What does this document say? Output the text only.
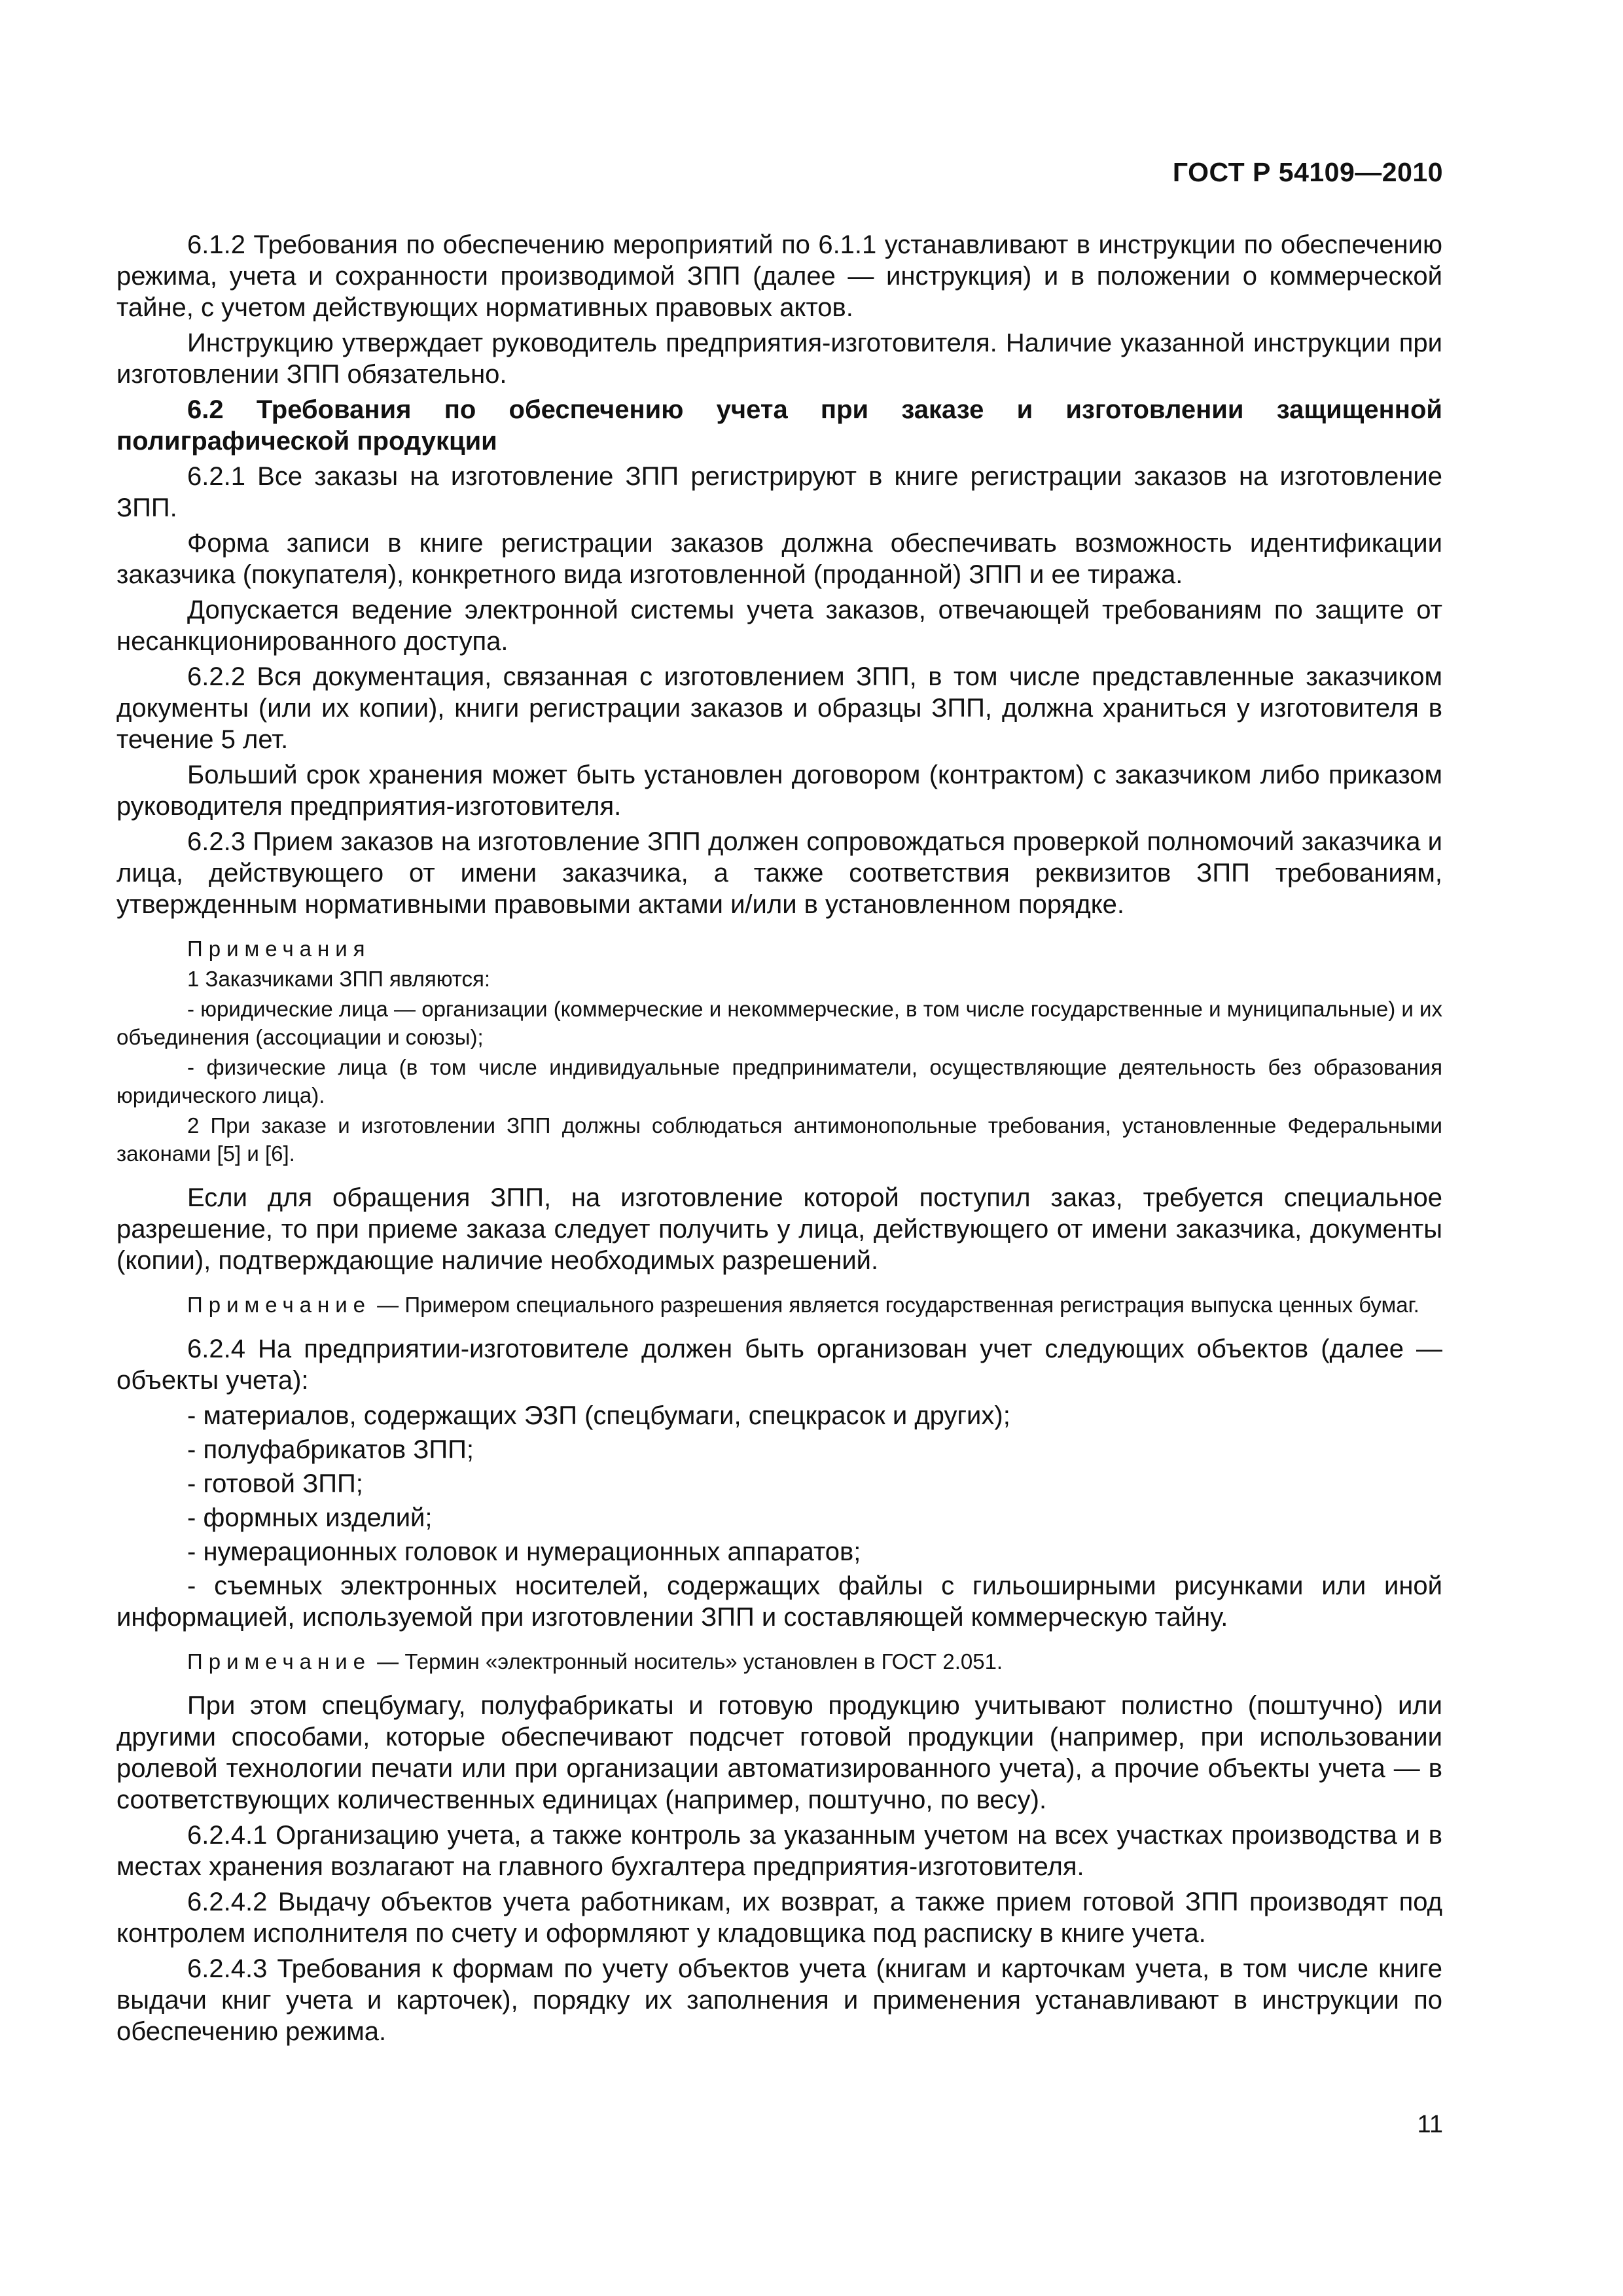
ГОСТ Р 54109—2010

6.1.2 Требования по обеспечению мероприятий по 6.1.1 устанавливают в инструкции по обеспечению режима, учета и сохранности производимой ЗПП (далее — инструкция) и в положении о коммерческой тайне, с учетом действующих нормативных правовых актов.

Инструкцию утверждает руководитель предприятия-изготовителя. Наличие указанной инструкции при изготовлении ЗПП обязательно.

6.2 Требования по обеспечению учета при заказе и изготовлении защищенной полиграфической продукции

6.2.1 Все заказы на изготовление ЗПП регистрируют в книге регистрации заказов на изготовление ЗПП.

Форма записи в книге регистрации заказов должна обеспечивать возможность идентификации заказчика (покупателя), конкретного вида изготовленной (проданной) ЗПП и ее тиража.

Допускается ведение электронной системы учета заказов, отвечающей требованиям по защите от несанкционированного доступа.

6.2.2 Вся документация, связанная с изготовлением ЗПП, в том числе представленные заказчиком документы (или их копии), книги регистрации заказов и образцы ЗПП, должна храниться у изготовителя в течение 5 лет.

Больший срок хранения может быть установлен договором (контрактом) с заказчиком либо приказом руководителя предприятия-изготовителя.

6.2.3 Прием заказов на изготовление ЗПП должен сопровождаться проверкой полномочий заказчика и лица, действующего от имени заказчика, а также соответствия реквизитов ЗПП требованиям, утвержденным нормативными правовыми актами и/или в установленном порядке.

Примечания

1 Заказчиками ЗПП являются:

- юридические лица — организации (коммерческие и некоммерческие, в том числе государственные и муниципальные) и их объединения (ассоциации и союзы);

- физические лица (в том числе индивидуальные предприниматели, осуществляющие деятельность без образования юридического лица).

2 При заказе и изготовлении ЗПП должны соблюдаться антимонопольные требования, установленные Федеральными законами [5] и [6].

Если для обращения ЗПП, на изготовление которой поступил заказ, требуется специальное разрешение, то при приеме заказа следует получить у лица, действующего от имени заказчика, документы (копии), подтверждающие наличие необходимых разрешений.

Примечание — Примером специального разрешения является государственная регистрация выпуска ценных бумаг.

6.2.4 На предприятии-изготовителе должен быть организован учет следующих объектов (далее — объекты учета):

- материалов, содержащих ЭЗП (спецбумаги, спецкрасок и других);
- полуфабрикатов ЗПП;
- готовой ЗПП;
- формных изделий;
- нумерационных головок и нумерационных аппаратов;
- съемных электронных носителей, содержащих файлы с гильоширными рисунками или иной информацией, используемой при изготовлении ЗПП и составляющей коммерческую тайну.

Примечание — Термин «электронный носитель» установлен в ГОСТ 2.051.

При этом спецбумагу, полуфабрикаты и готовую продукцию учитывают полистно (поштучно) или другими способами, которые обеспечивают подсчет готовой продукции (например, при использовании ролевой технологии печати или при организации автоматизированного учета), а прочие объекты учета — в соответствующих количественных единицах (например, поштучно, по весу).

6.2.4.1 Организацию учета, а также контроль за указанным учетом на всех участках производства и в местах хранения возлагают на главного бухгалтера предприятия-изготовителя.

6.2.4.2 Выдачу объектов учета работникам, их возврат, а также прием готовой ЗПП производят под контролем исполнителя по счету и оформляют у кладовщика под расписку в книге учета.

6.2.4.3 Требования к формам по учету объектов учета (книгам и карточкам учета, в том числе книге выдачи книг учета и карточек), порядку их заполнения и применения устанавливают в инструкции по обеспечению режима.

11
